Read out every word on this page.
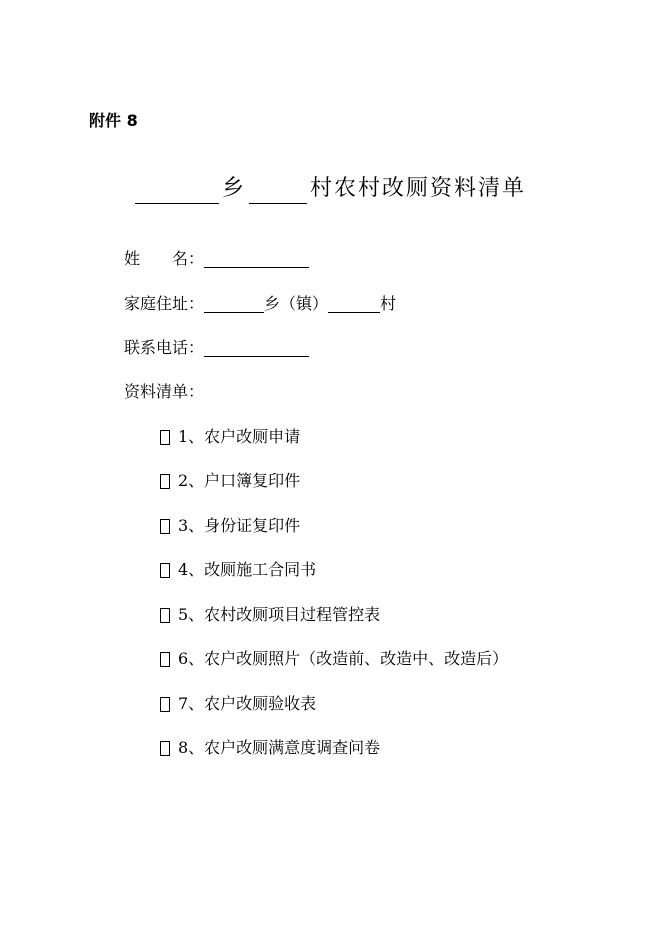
附件 8
乡	村农村改厕资料清单
姓 名：
家庭住址：	乡（镇）	村
联系电话：
资料清单：
1、农户改厕申请
2、户口簿复印件
3、身份证复印件
4、改厕施工合同书
5、农村改厕项目过程管控表
6、农户改厕照片（改造前、改造中、改造后）
7、农户改厕验收表
8、农户改厕满意度调查问卷
